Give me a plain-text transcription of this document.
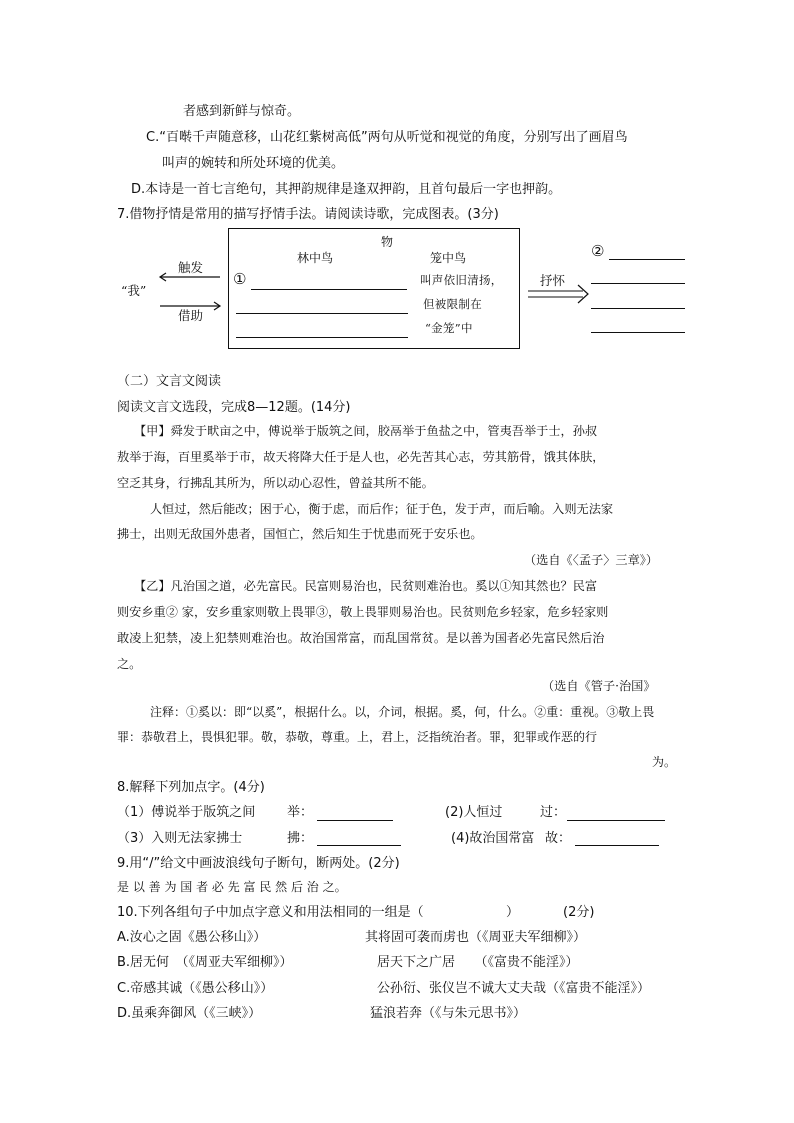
者感到新鲜与惊奇。
C.“百啭千声随意移，山花红紫树高低”两句从听觉和视觉的角度，分别写出了画眉鸟
叫声的婉转和所处环境的优美。
D.本诗是一首七言绝句，其押韵规律是逢双押韵，且首句最后一字也押韵。
7.借物抒情是常用的描写抒情手法。请阅读诗歌，完成图表。(3分)
物
林中鸟	笼中鸟
①	叫声依旧清扬，
但被限制在
“金笼”中
“我”
触发
借助
抒怀
②
（二）文言文阅读
阅读文言文选段，完成8—12题。(14分)
【甲】舜发于畎亩之中，傅说举于版筑之间，胶鬲举于鱼盐之中，管夷吾举于士，孙叔
敖举于海，百里奚举于市，故天将降大任于是人也，必先苦其心志，劳其筋骨，饿其体肤，
空乏其身，行拂乱其所为，所以动心忍性，曾益其所不能。
人恒过，然后能改；困于心，衡于虑，而后作；征于色，发于声，而后喻。入则无法家
拂士，出则无敌国外患者，国恒亡，然后知生于忧患而死于安乐也。
（选自《〈孟子〉三章》）
【乙】凡治国之道，必先富民。民富则易治也，民贫则难治也。奚以①知其然也？民富
则安乡重② 家，安乡重家则敬上畏罪③，敬上畏罪则易治也。民贫则危乡轻家，危乡轻家则
敢凌上犯禁，凌上犯禁则难治也。故治国常富，而乱国常贫。是以善为国者必先富民然后治
之。
（选自《管子·治国》
注释：①奚以：即“以奚”，根据什么。以，介词，根据。奚，何，什么。②重：重视。③敬上畏
罪：恭敬君上，畏惧犯罪。敬，恭敬，尊重。上，君上，泛指统治者。罪，犯罪或作恶的行
为。
8.解释下列加点字。(4分)
（1）傅说举于版筑之间 举：	(2)人恒过	过：
（3）入则无法家拂士	拂：	(4)故治国常富 故：
9.用“/”给文中画波浪线句子断句，断两处。(2分)
是 以 善 为 国 者 必 先 富 民 然 后 治 之。
10.下列各组句子中加点字意义和用法相同的一组是（	）	(2分)
A.汝心之固《愚公移山》）	其将固可袭而虏也（《周亚夫军细柳》）
B.居无何　（《周亚夫军细柳》）	居天下之广居　　（《富贵不能淫》）
C.帝感其诚（《愚公移山》）	公孙衍、张仪岂不诚大丈夫哉（《富贵不能淫》）
D.虽乘奔御风（《三峡》）	猛浪若奔（《与朱元思书》）
